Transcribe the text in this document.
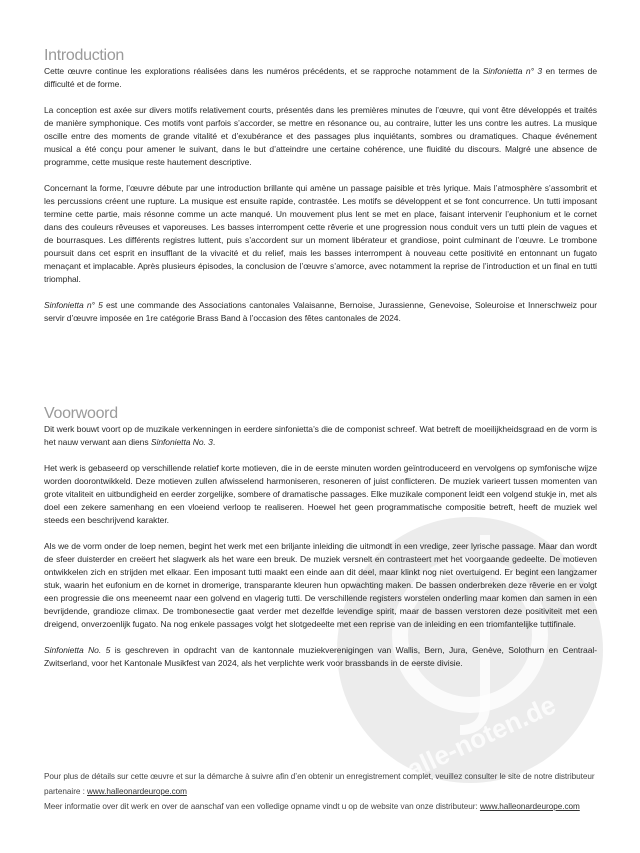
alle-noten.de
Introduction

Cette œuvre continue les explorations réalisées dans les numéros précédents, et se rapproche notamment de la Sinfonietta n° 3 en termes de difficulté et de forme.

La conception est axée sur divers motifs relativement courts, présentés dans les premières minutes de l’œuvre, qui vont être développés et traités de manière symphonique. Ces motifs vont parfois s’accorder, se mettre en résonance ou, au contraire, lutter les uns contre les autres. La musique oscille entre des moments de grande vitalité et d’exubérance et des passages plus inquiétants, sombres ou dramatiques. Chaque événement musical a été conçu pour amener le suivant, dans le but d’atteindre une certaine cohérence, une fluidité du discours. Malgré une absence de programme, cette musique reste hautement descriptive.

Concernant la forme, l’œuvre débute par une introduction brillante qui amène un passage paisible et très lyrique. Mais l’atmosphère s’assombrit et les percussions créent une rupture. La musique est ensuite rapide, contrastée. Les motifs se développent et se font concurrence. Un tutti imposant termine cette partie, mais résonne comme un acte manqué. Un mouvement plus lent se met en place, faisant intervenir l’euphonium et le cornet dans des couleurs rêveuses et vaporeuses. Les basses interrompent cette rêverie et une progression nous conduit vers un tutti plein de vagues et de bourrasques. Les différents registres luttent, puis s’accordent sur un moment libérateur et grandiose, point culminant de l’œuvre. Le trombone poursuit dans cet esprit en insufflant de la vivacité et du relief, mais les basses interrompent à nouveau cette positivité en entonnant un fugato menaçant et implacable. Après plusieurs épisodes, la conclusion de l’œuvre s’amorce, avec notamment la reprise de l’introduction et un final en tutti triomphal.

Sinfonietta n° 5 est une commande des Associations cantonales Valaisanne, Bernoise, Jurassienne, Genevoise, Soleuroise et Innerschweiz pour servir d’œuvre imposée en 1re catégorie Brass Band à l’occasion des fêtes cantonales de 2024.

Voorwoord

Dit werk bouwt voort op de muzikale verkenningen in eerdere sinfonietta’s die de componist schreef. Wat betreft de moeilijkheidsgraad en de vorm is het nauw verwant aan diens Sinfonietta No. 3.

Het werk is gebaseerd op verschillende relatief korte motieven, die in de eerste minuten worden geïntroduceerd en vervolgens op symfonische wijze worden doorontwikkeld. Deze motieven zullen afwisselend harmoniseren, resoneren of juist conflicteren. De muziek varieert tussen momenten van grote vitaliteit en uitbundigheid en eerder zorgelijke, sombere of dramatische passages. Elke muzikale component leidt een volgend stukje in, met als doel een zekere samenhang en een vloeiend verloop te realiseren. Hoewel het geen programmatische compositie betreft, heeft de muziek wel steeds een beschrijvend karakter.

Als we de vorm onder de loep nemen, begint het werk met een briljante inleiding die uitmondt in een vredige, zeer lyrische passage. Maar dan wordt de sfeer duisterder en creëert het slagwerk als het ware een breuk. De muziek versnelt en contrasteert met het voorgaande gedeelte. De motieven ontwikkelen zich en strijden met elkaar. Een imposant tutti maakt een einde aan dit deel, maar klinkt nog niet overtuigend. Er begint een langzamer stuk, waarin het eufonium en de kornet in dromerige, transparante kleuren hun opwachting maken. De bassen onderbreken deze rêverie en er volgt een progressie die ons meeneemt naar een golvend en vlagerig tutti. De verschillende registers worstelen onderling maar komen dan samen in een bevrijdende, grandioze climax. De trombonesectie gaat verder met dezelfde levendige spirit, maar de bassen verstoren deze positiviteit met een dreigend, onverzoenlijk fugato. Na nog enkele passages volgt het slotgedeelte met een reprise van de inleiding en een triomfantelijke tuttifinale.

Sinfonietta No. 5 is geschreven in opdracht van de kantonnale muziekverenigingen van Wallis, Bern, Jura, Genève, Solothurn en Centraal-Zwitserland, voor het Kantonale Musikfest van 2024, als het verplichte werk voor brassbands in de eerste divisie.

Pour plus de détails sur cette œuvre et sur la démarche à suivre afin d’en obtenir un enregistrement complet, veuillez consulter le site de notre distributeur partenaire : www.halleonardeurope.com

Meer informatie over dit werk en over de aanschaf van een volledige opname vindt u op de website van onze distributeur: www.halleonardeurope.com
